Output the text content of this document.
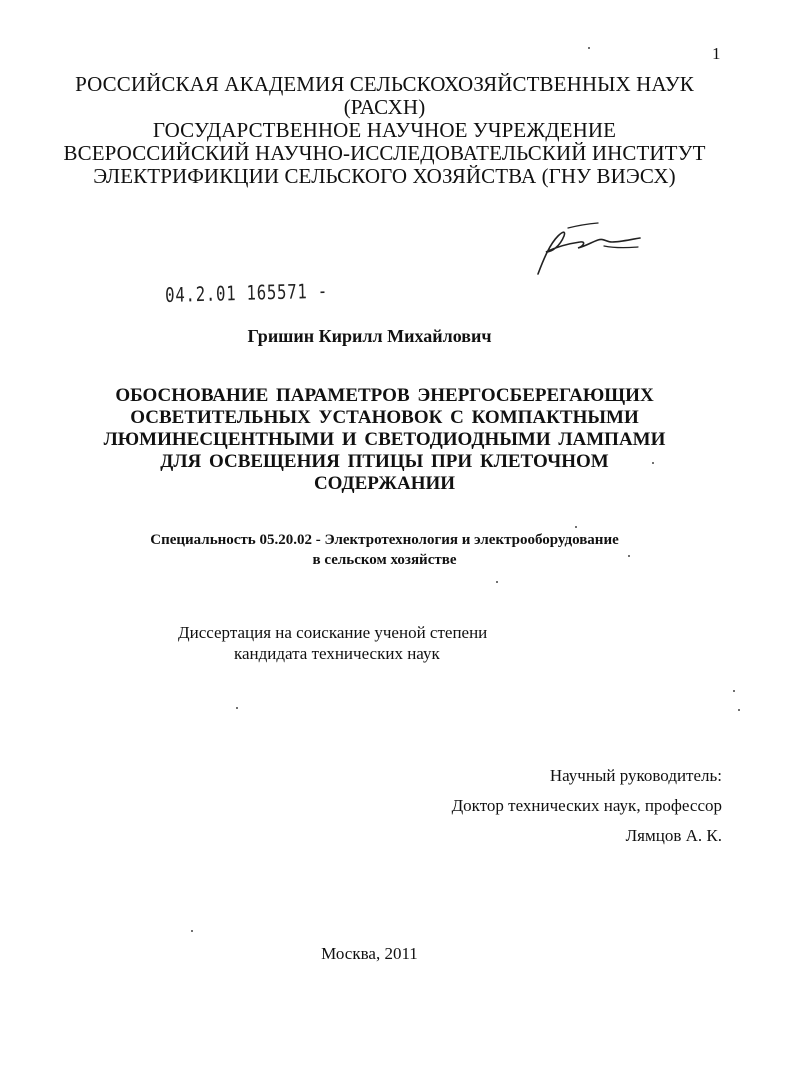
1
РОССИЙСКАЯ АКАДЕМИЯ СЕЛЬСКОХОЗЯЙСТВЕННЫХ НАУК
(РАСХН)
ГОСУДАРСТВЕННОЕ НАУЧНОЕ УЧРЕЖДЕНИЕ
ВСЕРОССИЙСКИЙ НАУЧНО-ИССЛЕДОВАТЕЛЬСКИЙ ИНСТИТУТ
ЭЛЕКТРИФИКЦИИ СЕЛЬСКОГО ХОЗЯЙСТВА (ГНУ ВИЭСХ)
04.2.01 165571 -
Гришин Кирилл Михайлович
ОБОСНОВАНИЕ ПАРАМЕТРОВ ЭНЕРГОСБЕРЕГАЮЩИХ
ОСВЕТИТЕЛЬНЫХ УСТАНОВОК С КОМПАКТНЫМИ
ЛЮМИНЕСЦЕНТНЫМИ И СВЕТОДИОДНЫМИ ЛАМПАМИ
ДЛЯ ОСВЕЩЕНИЯ ПТИЦЫ ПРИ КЛЕТОЧНОМ
СОДЕРЖАНИИ
Специальность 05.20.02 - Электротехнология и электрооборудование
в сельском хозяйстве
Диссертация на соискание ученой степени
кандидата технических наук
Научный руководитель:
Доктор технических наук, профессор
Лямцов А. К.
Москва, 2011
